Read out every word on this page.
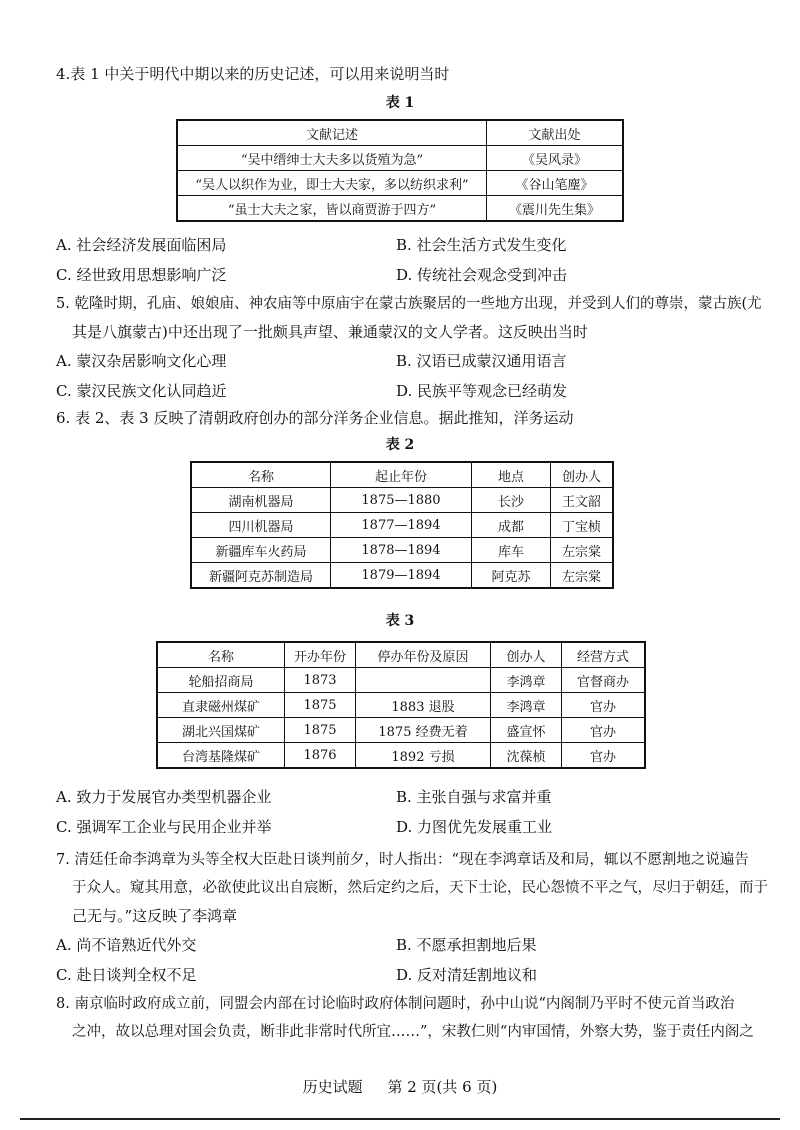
4.表 1 中关于明代中期以来的历史记述，可以用来说明当时
表 1
文献记述	文献出处
“吴中缙绅士大夫多以货殖为急”	《吴风录》
“吴人以织作为业，即士大夫家，多以纺织求利”	《谷山笔麈》
“虽士大夫之家，皆以商贾游于四方”	《震川先生集》
A. 社会经济发展面临困局	B. 社会生活方式发生变化
C. 经世致用思想影响广泛	D. 传统社会观念受到冲击
5. 乾隆时期，孔庙、娘娘庙、神农庙等中原庙宇在蒙古族聚居的一些地方出现，并受到人们的尊崇，蒙古族(尤
其是八旗蒙古)中还出现了一批颇具声望、兼通蒙汉的文人学者。这反映出当时
A. 蒙汉杂居影响文化心理	B. 汉语已成蒙汉通用语言
C. 蒙汉民族文化认同趋近	D. 民族平等观念已经萌发
6. 表 2、表 3 反映了清朝政府创办的部分洋务企业信息。据此推知，洋务运动
表 2
名称	起止年份	地点	创办人
湖南机器局	1875—1880	长沙	王文韶
四川机器局	1877—1894	成都	丁宝桢
新疆库车火药局	1878—1894	库车	左宗棠
新疆阿克苏制造局	1879—1894	阿克苏	左宗棠
表 3
名称	开办年份	停办年份及原因	创办人	经营方式
轮船招商局	1873		李鸿章	官督商办
直隶磁州煤矿	1875	1883 退股	李鸿章	官办
湖北兴国煤矿	1875	1875 经费无着	盛宣怀	官办
台湾基隆煤矿	1876	1892 亏损	沈葆桢	官办
A. 致力于发展官办类型机器企业	B. 主张自强与求富并重
C. 强调军工企业与民用企业并举	D. 力图优先发展重工业
7. 清廷任命李鸿章为头等全权大臣赴日谈判前夕，时人指出：“现在李鸿章话及和局，辄以不愿割地之说遍告
于众人。窥其用意，必欲使此议出自宸断，然后定约之后，天下士论，民心怨愤不平之气，尽归于朝廷，而于
己无与。”这反映了李鸿章
A. 尚不谙熟近代外交	B. 不愿承担割地后果
C. 赴日谈判全权不足	D. 反对清廷割地议和
8. 南京临时政府成立前，同盟会内部在讨论临时政府体制问题时，孙中山说“内阁制乃平时不使元首当政治
之冲，故以总理对国会负责，断非此非常时代所宜……”，宋教仁则“内审国情，外察大势，鉴于责任内阁之
历史试题 第 2 页(共 6 页)
